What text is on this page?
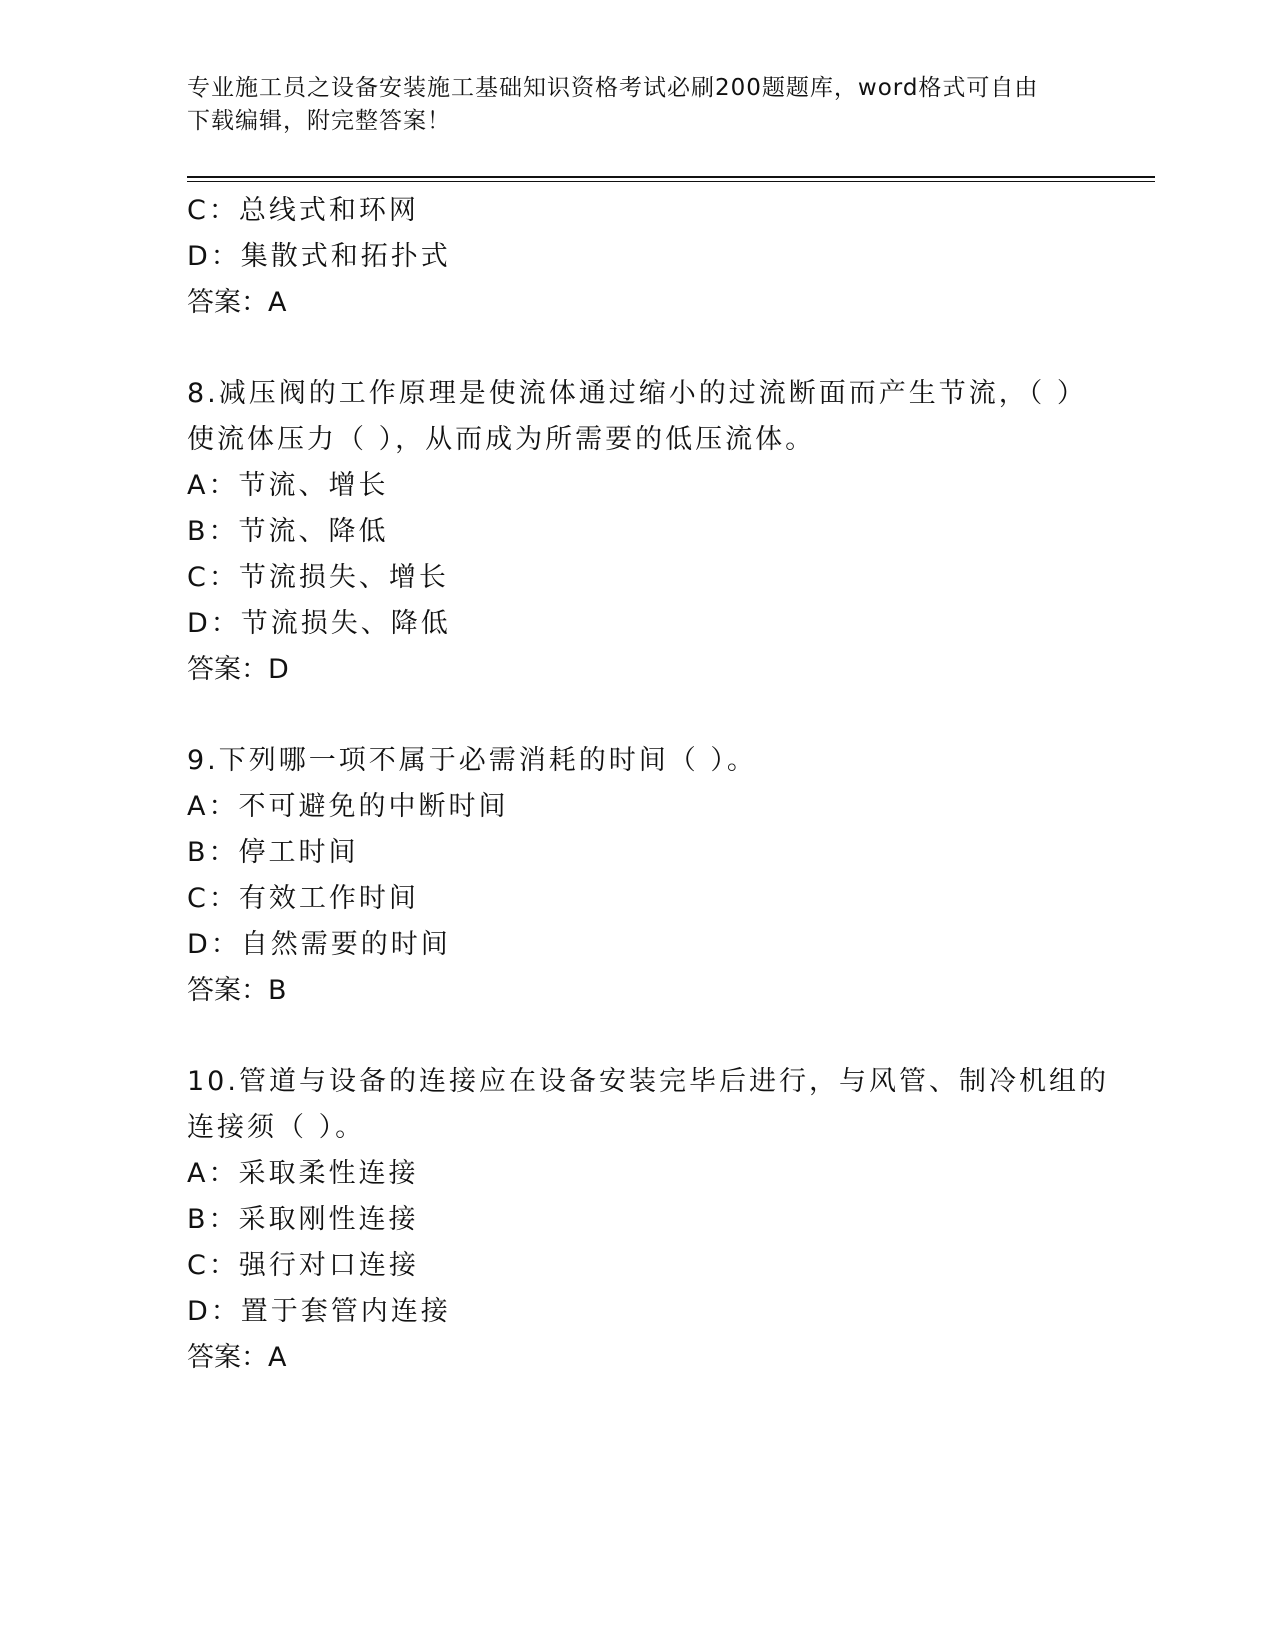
专业施工员之设备安装施工基础知识资格考试必刷200题题库，word格式可自由
下载编辑，附完整答案！
C：总线式和环网
D：集散式和拓扑式
答案：A
8.减压阀的工作原理是使流体通过缩小的过流断面而产生节流，（ ）
使流体压力（ ），从而成为所需要的低压流体。
A：节流、增长
B：节流、降低
C：节流损失、增长
D：节流损失、降低
答案：D
9.下列哪一项不属于必需消耗的时间（ ）。
A：不可避免的中断时间
B：停工时间
C：有效工作时间
D：自然需要的时间
答案：B
10.管道与设备的连接应在设备安装完毕后进行，与风管、制冷机组的
连接须（ ）。
A：采取柔性连接
B：采取刚性连接
C：强行对口连接
D：置于套管内连接
答案：A
